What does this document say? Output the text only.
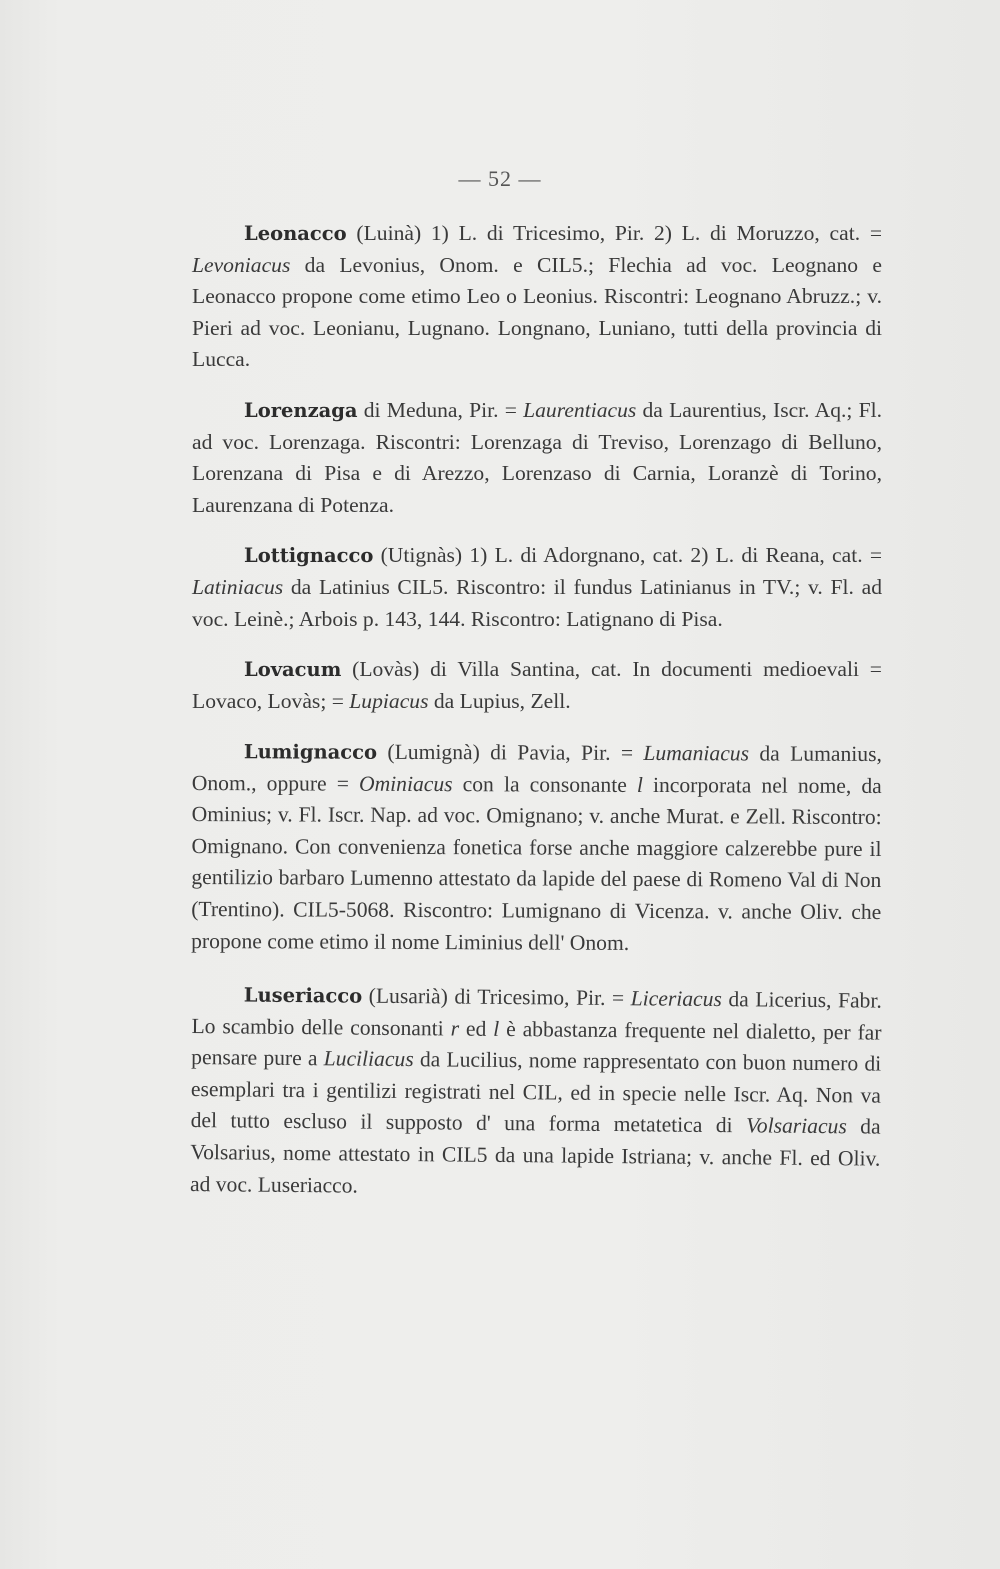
— 52 —

Leonacco (Luinà) 1) L. di Tricesimo, Pir. 2) L. di Moruzzo, cat. = Levoniacus da Levonius, Onom. e CIL5.; Flechia ad voc. Leognano e Leonacco propone come etimo Leo o Leonius. Riscontri: Leognano Abruzz.; v. Pieri ad voc. Leonianu, Lugnano. Longnano, Luniano, tutti della provincia di Lucca.

Lorenzaga di Meduna, Pir. = Laurentiacus da Laurentius, Iscr. Aq.; Fl. ad voc. Lorenzaga. Riscontri: Lorenzaga di Treviso, Lorenzago di Belluno, Lorenzana di Pisa e di Arezzo, Lorenzaso di Carnia, Loranzè di Torino, Laurenzana di Potenza.

Lottignacco (Utignàs) 1) L. di Adorgnano, cat. 2) L. di Reana, cat. = Latiniacus da Latinius CIL5. Riscontro: il fundus Latinianus in TV.; v. Fl. ad voc. Leinè.; Arbois p. 143, 144. Riscontro: Latignano di Pisa.

Lovacum (Lovàs) di Villa Santina, cat. In documenti medioevali = Lovaco, Lovàs; = Lupiacus da Lupius, Zell.

Lumignacco (Lumignà) di Pavia, Pir. = Lumaniacus da Lumanius, Onom., oppure = Ominiacus con la consonante l incorporata nel nome, da Ominius; v. Fl. Iscr. Nap. ad voc. Omignano; v. anche Murat. e Zell. Riscontro: Omignano. Con convenienza fonetica forse anche maggiore calzerebbe pure il gentilizio barbaro Lumenno attestato da lapide del paese di Romeno Val di Non (Trentino). CIL5-5068. Riscontro: Lumignano di Vicenza. v. anche Oliv. che propone come etimo il nome Liminius dell' Onom.

Luseriacco (Lusarià) di Tricesimo, Pir. = Liceriacus da Licerius, Fabr. Lo scambio delle consonanti r ed l è abbastanza frequente nel dialetto, per far pensare pure a Luciliacus da Lucilius, nome rappresentato con buon numero di esemplari tra i gentilizi registrati nel CIL, ed in specie nelle Iscr. Aq. Non va del tutto escluso il supposto d' una forma metatetica di Volsariacus da Volsarius, nome attestato in CIL5 da una lapide Istriana; v. anche Fl. ed Oliv. ad voc. Luseriacco.
